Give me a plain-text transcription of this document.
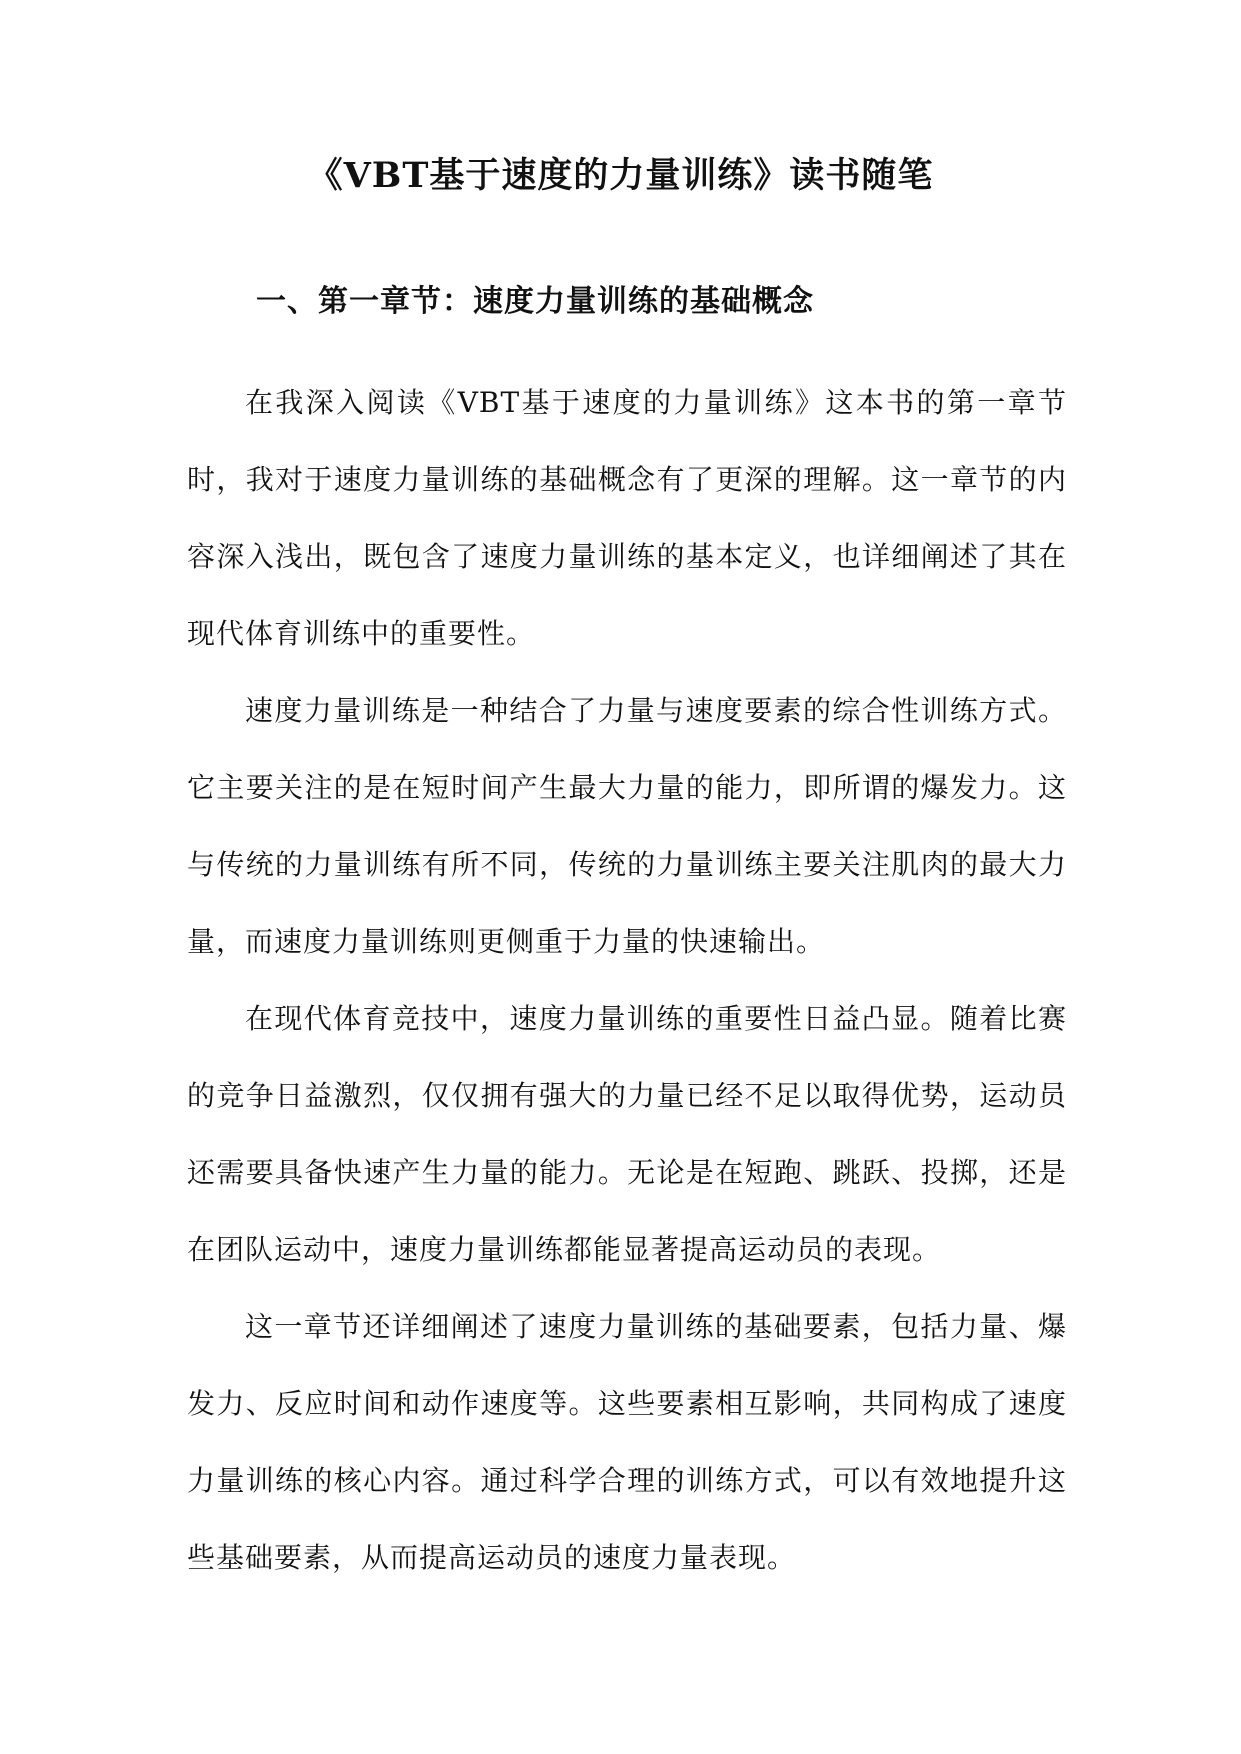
《VBT基于速度的力量训练》读书随笔
一、第一章节：速度力量训练的基础概念

在我深入阅读《VBT基于速度的力量训练》这本书的第一章节时，我对于速度力量训练的基础概念有了更深的理解。这一章节的内容深入浅出，既包含了速度力量训练的基本定义，也详细阐述了其在现代体育训练中的重要性。

速度力量训练是一种结合了力量与速度要素的综合性训练方式。它主要关注的是在短时间产生最大力量的能力，即所谓的爆发力。这与传统的力量训练有所不同，传统的力量训练主要关注肌肉的最大力量，而速度力量训练则更侧重于力量的快速输出。

在现代体育竞技中，速度力量训练的重要性日益凸显。随着比赛的竞争日益激烈，仅仅拥有强大的力量已经不足以取得优势，运动员还需要具备快速产生力量的能力。无论是在短跑、跳跃、投掷，还是在团队运动中，速度力量训练都能显著提高运动员的表现。

这一章节还详细阐述了速度力量训练的基础要素，包括力量、爆发力、反应时间和动作速度等。这些要素相互影响，共同构成了速度力量训练的核心内容。通过科学合理的训练方式，可以有效地提升这些基础要素，从而提高运动员的速度力量表现。
